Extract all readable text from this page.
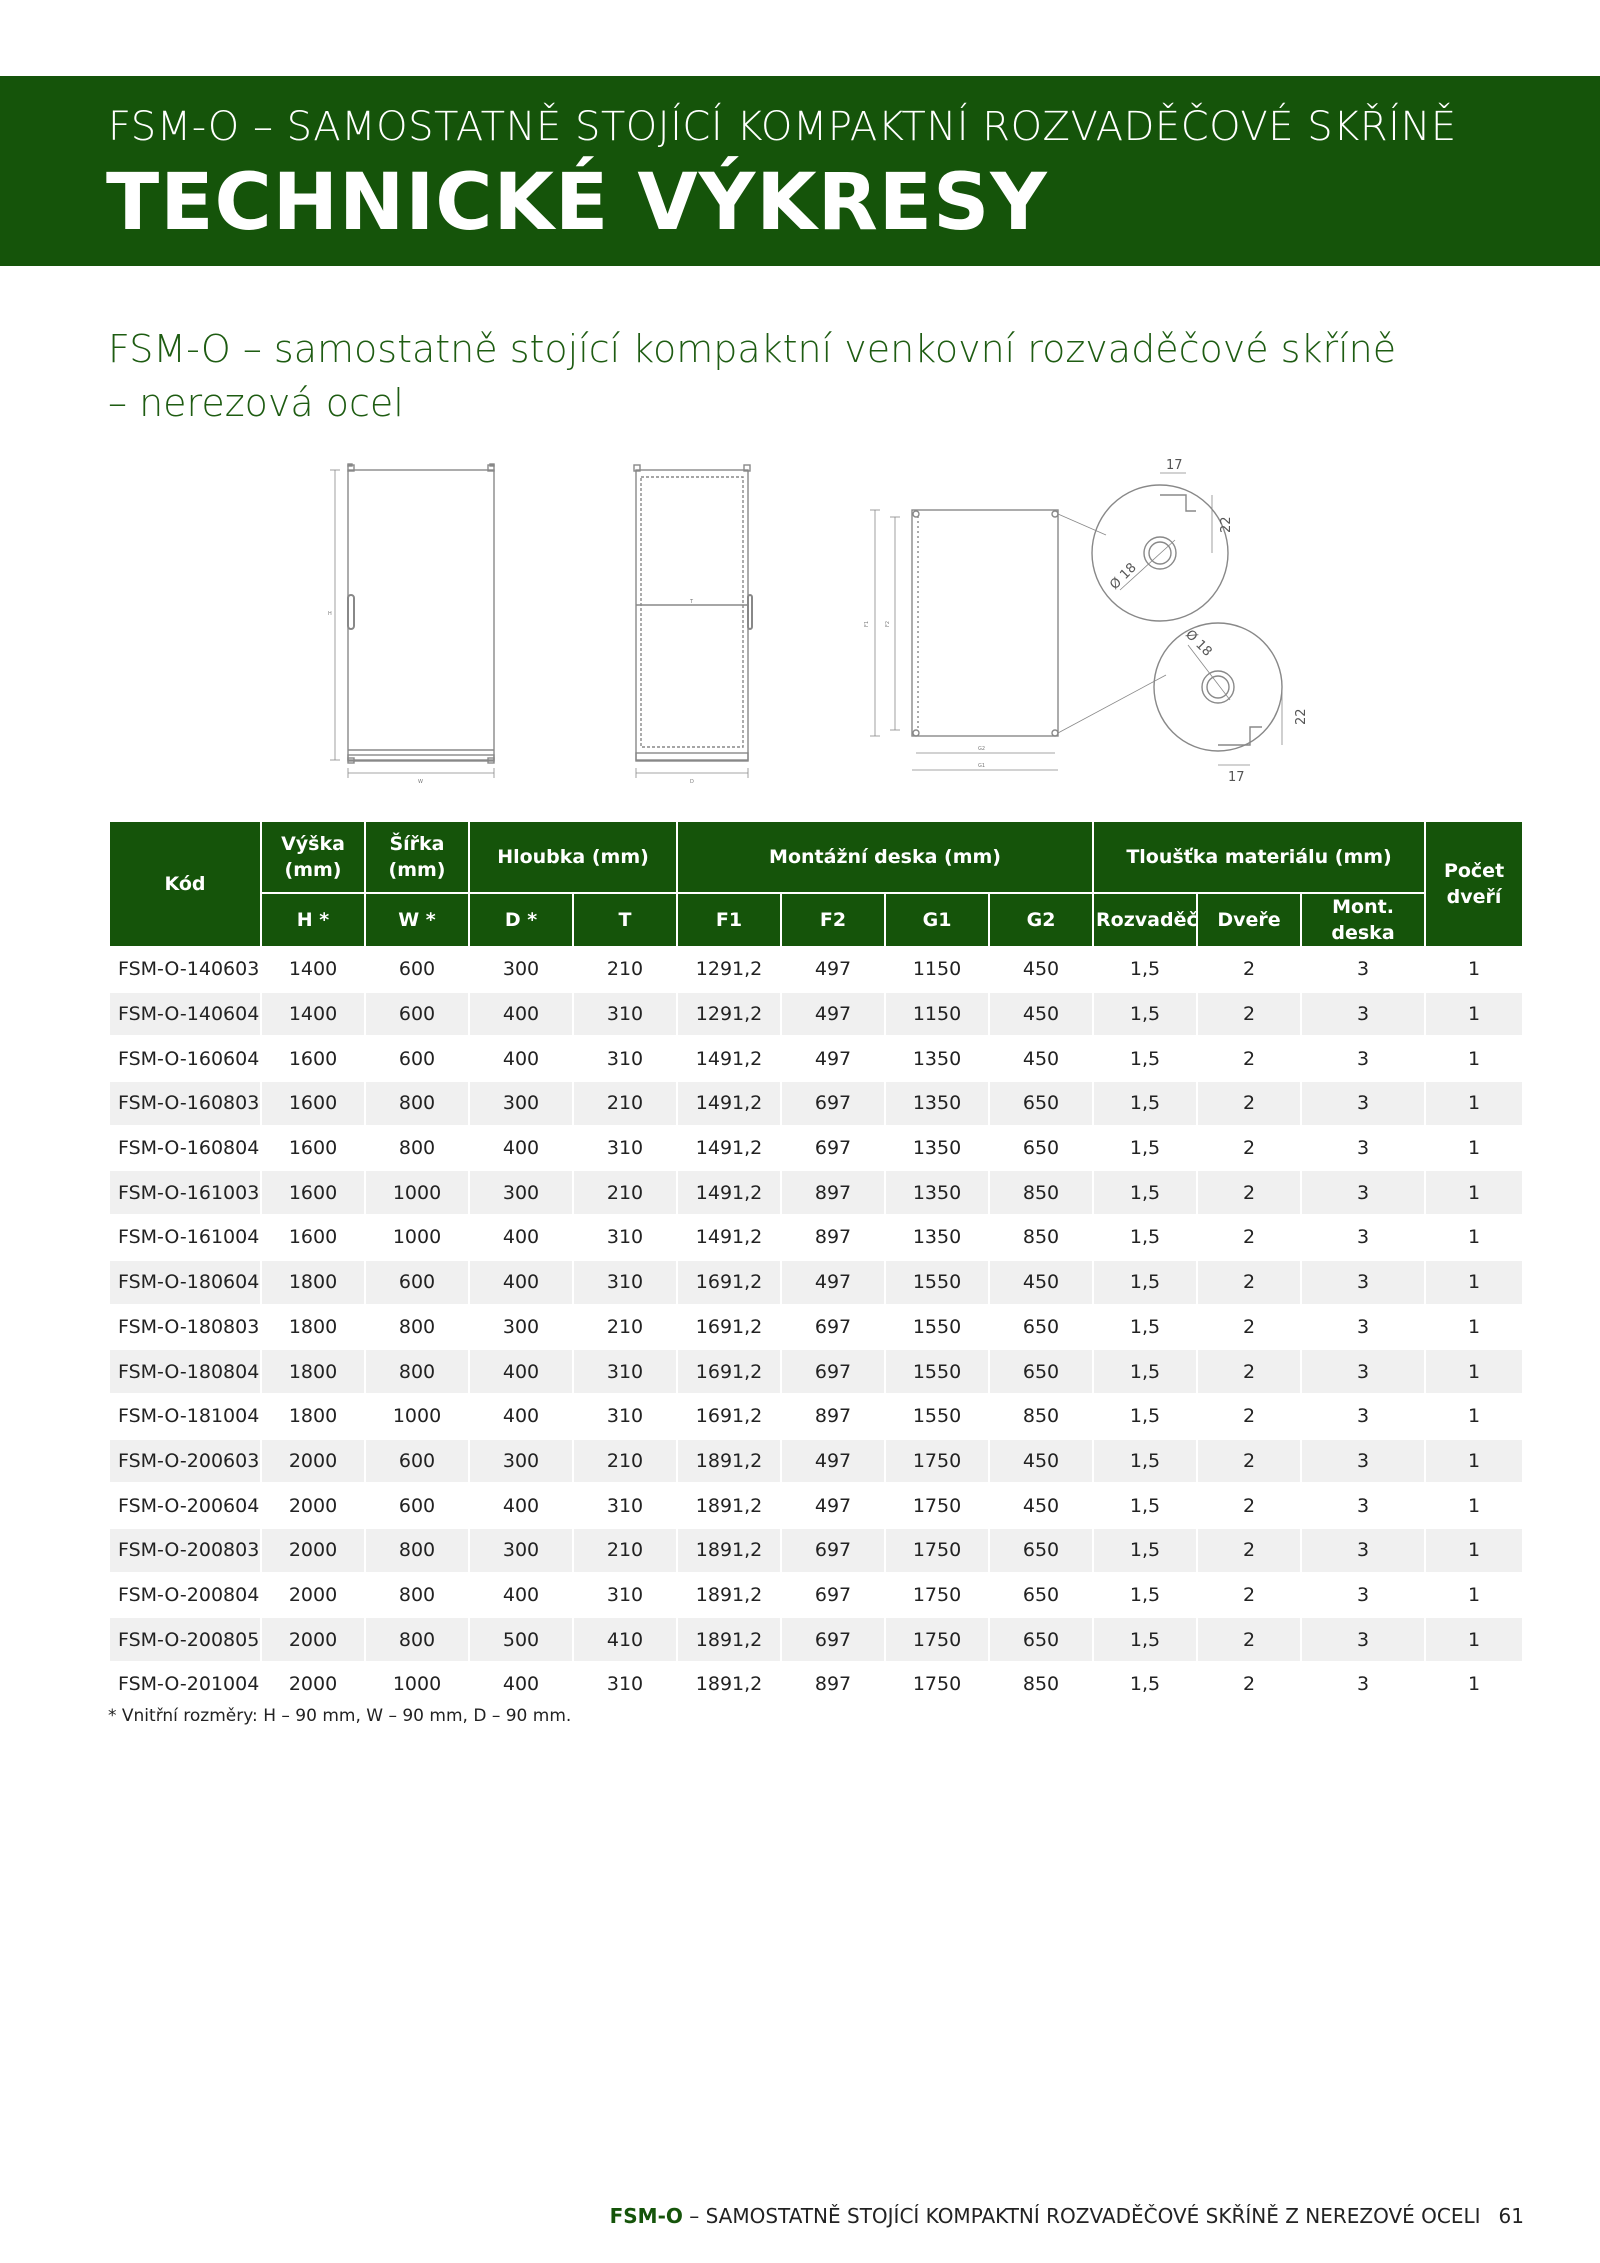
FSM-O – SAMOSTATNĚ STOJÍCÍ KOMPAKTNÍ ROZVADĚČOVÉ SKŘÍNĚ
TECHNICKÉ VÝKRESY
FSM-O – samostatně stojící kompaktní venkovní rozvaděčové skříně – nerezová ocel
H
W
T
D
F1	F2
G2
G1
17
22
Ø 18
17
22
Ø 18
Kód	Výška (mm)	Šířka (mm)	Hloubka (mm)		Montážní deska (mm)				Tloušťka materiálu (mm)			Počet dveří
	H *	W *	D *	T	F1	F2	G1	G2	Rozvaděč	Dveře	Mont. deska	
FSM-O-140603	1400	600	300	210	1291,2	497	1150	450	1,5	2	3	1
FSM-O-140604	1400	600	400	310	1291,2	497	1150	450	1,5	2	3	1
FSM-O-160604	1600	600	400	310	1491,2	497	1350	450	1,5	2	3	1
FSM-O-160803	1600	800	300	210	1491,2	697	1350	650	1,5	2	3	1
FSM-O-160804	1600	800	400	310	1491,2	697	1350	650	1,5	2	3	1
FSM-O-161003	1600	1000	300	210	1491,2	897	1350	850	1,5	2	3	1
FSM-O-161004	1600	1000	400	310	1491,2	897	1350	850	1,5	2	3	1
FSM-O-180604	1800	600	400	310	1691,2	497	1550	450	1,5	2	3	1
FSM-O-180803	1800	800	300	210	1691,2	697	1550	650	1,5	2	3	1
FSM-O-180804	1800	800	400	310	1691,2	697	1550	650	1,5	2	3	1
FSM-O-181004	1800	1000	400	310	1691,2	897	1550	850	1,5	2	3	1
FSM-O-200603	2000	600	300	210	1891,2	497	1750	450	1,5	2	3	1
FSM-O-200604	2000	600	400	310	1891,2	497	1750	450	1,5	2	3	1
FSM-O-200803	2000	800	300	210	1891,2	697	1750	650	1,5	2	3	1
FSM-O-200804	2000	800	400	310	1891,2	697	1750	650	1,5	2	3	1
FSM-O-200805	2000	800	500	410	1891,2	697	1750	650	1,5	2	3	1
FSM-O-201004	2000	1000	400	310	1891,2	897	1750	850	1,5	2	3	1
* Vnitřní rozměry: H – 90 mm, W – 90 mm, D – 90 mm.
FSM-O – SAMOSTATNĚ STOJÍCÍ KOMPAKTNÍ ROZVADĚČOVÉ SKŘÍNĚ Z NEREZOVÉ OCELI 61
